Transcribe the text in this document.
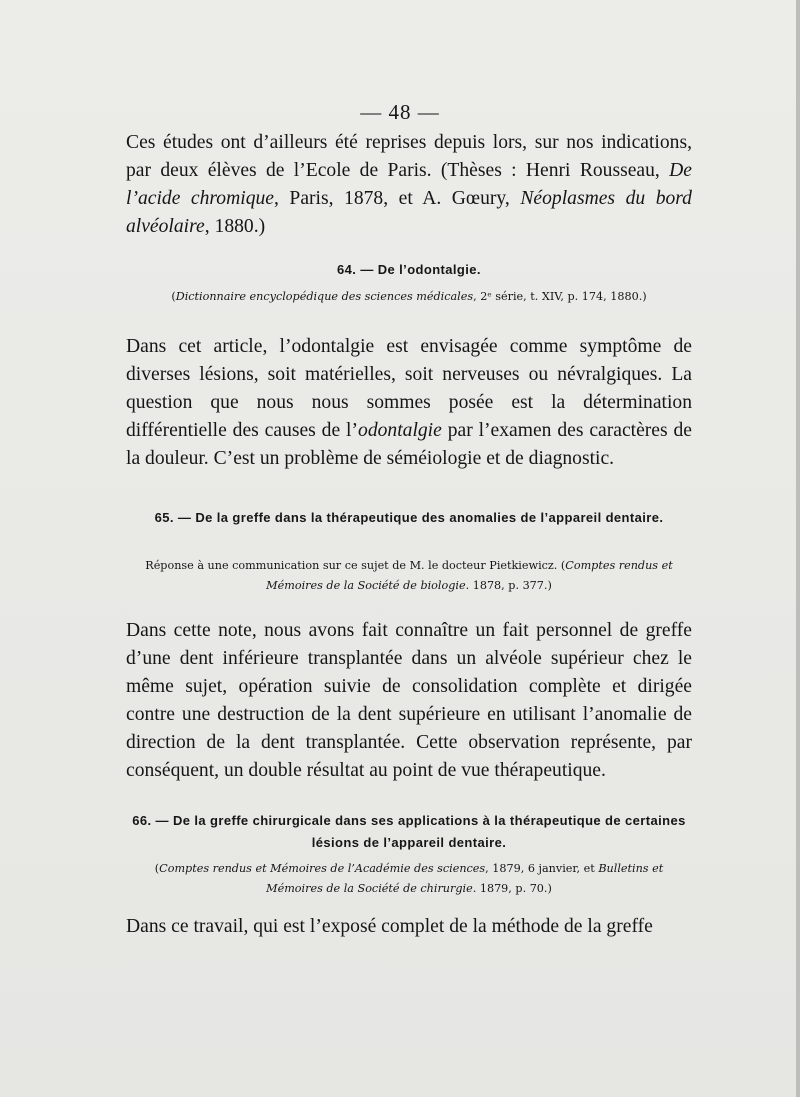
— 48 —

Ces études ont d’ailleurs été reprises depuis lors, sur nos indications, par deux élèves de l’Ecole de Paris. (Thèses : Henri Rousseau, De l’acide chromique, Paris, 1878, et A. Gœury, Néoplasmes du bord alvéolaire, 1880.)

64. — De l’odontalgie.
(Dictionnaire encyclopédique des sciences médicales, 2ᵉ série, t. XIV, p. 174, 1880.)

Dans cet article, l’odontalgie est envisagée comme symptôme de diverses lésions, soit matérielles, soit nerveuses ou névralgiques. La question que nous nous sommes posée est la détermination différentielle des causes de l’odontalgie par l’examen des caractères de la douleur. C’est un problème de séméiologie et de diagnostic.

65. — De la greffe dans la thérapeutique des anomalies de l’appareil dentaire.
Réponse à une communication sur ce sujet de M. le docteur Pietkiewicz. (Comptes rendus et Mémoires de la Société de biologie. 1878, p. 377.)

Dans cette note, nous avons fait connaître un fait personnel de greffe d’une dent inférieure transplantée dans un alvéole supérieur chez le même sujet, opération suivie de consolidation complète et dirigée contre une destruction de la dent supérieure en utilisant l’anomalie de direction de la dent transplantée. Cette observation représente, par conséquent, un double résultat au point de vue thérapeutique.

66. — De la greffe chirurgicale dans ses applications à la thérapeutique de certaines lésions de l’appareil dentaire.
(Comptes rendus et Mémoires de l’Académie des sciences, 1879, 6 janvier, et Bulletins et Mémoires de la Société de chirurgie. 1879, p. 70.)

Dans ce travail, qui est l’exposé complet de la méthode de la greffe
